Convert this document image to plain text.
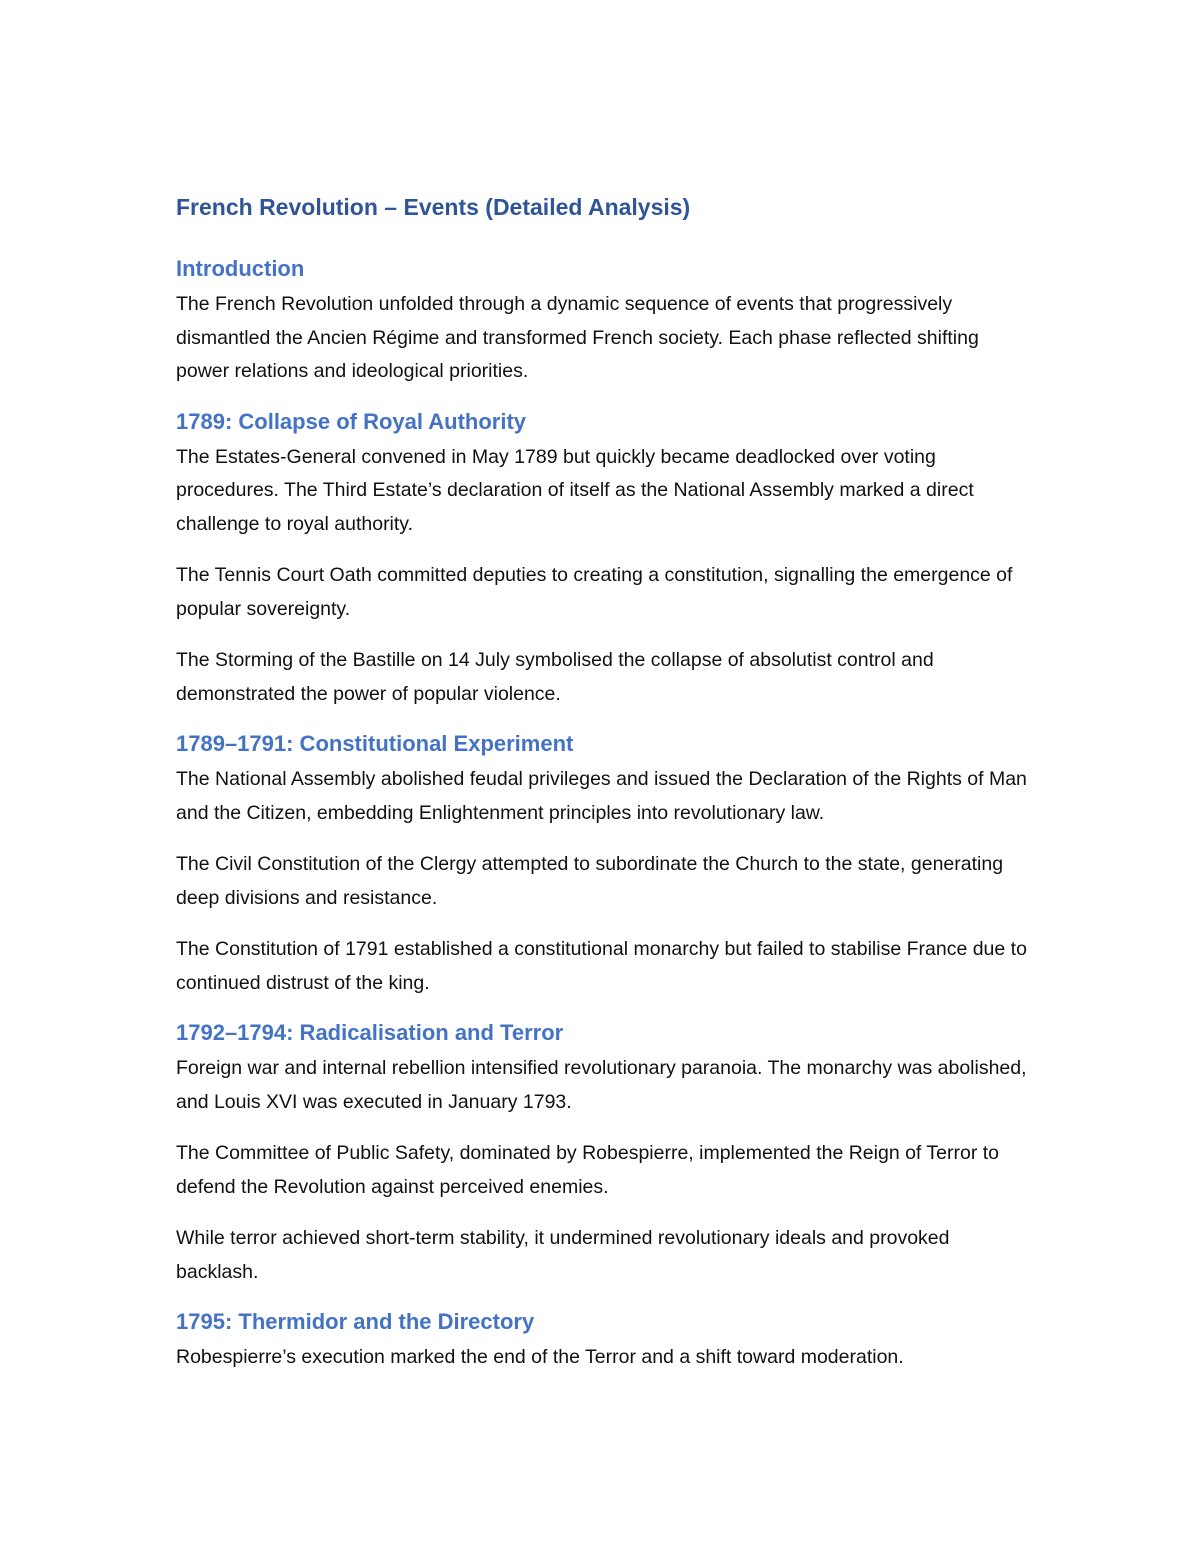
French Revolution – Events (Detailed Analysis)
Introduction

The French Revolution unfolded through a dynamic sequence of events that progressively dismantled the Ancien Régime and transformed French society. Each phase reflected shifting power relations and ideological priorities.

1789: Collapse of Royal Authority

The Estates-General convened in May 1789 but quickly became deadlocked over voting procedures. The Third Estate’s declaration of itself as the National Assembly marked a direct challenge to royal authority.

The Tennis Court Oath committed deputies to creating a constitution, signalling the emergence of popular sovereignty.

The Storming of the Bastille on 14 July symbolised the collapse of absolutist control and demonstrated the power of popular violence.

1789–1791: Constitutional Experiment

The National Assembly abolished feudal privileges and issued the Declaration of the Rights of Man and the Citizen, embedding Enlightenment principles into revolutionary law.

The Civil Constitution of the Clergy attempted to subordinate the Church to the state, generating deep divisions and resistance.

The Constitution of 1791 established a constitutional monarchy but failed to stabilise France due to continued distrust of the king.

1792–1794: Radicalisation and Terror

Foreign war and internal rebellion intensified revolutionary paranoia. The monarchy was abolished, and Louis XVI was executed in January 1793.

The Committee of Public Safety, dominated by Robespierre, implemented the Reign of Terror to defend the Revolution against perceived enemies.

While terror achieved short-term stability, it undermined revolutionary ideals and provoked backlash.

1795: Thermidor and the Directory

Robespierre’s execution marked the end of the Terror and a shift toward moderation.
